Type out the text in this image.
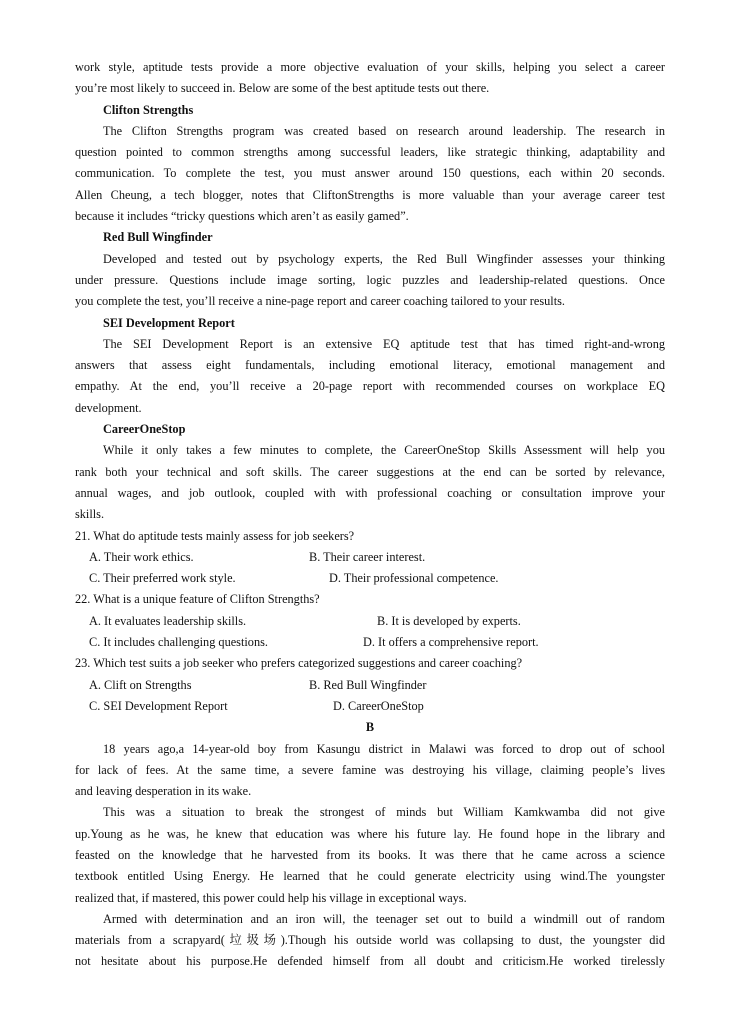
work style, aptitude tests provide a more objective evaluation of your skills, helping you select a career
you’re most likely to succeed in. Below are some of the best aptitude tests out there.
Clifton Strengths
The Clifton Strengths program was created based on research around leadership. The research in
question pointed to common strengths among successful leaders, like strategic thinking, adaptability and
communication. To complete the test, you must answer around 150 questions, each within 20 seconds.
Allen Cheung, a tech blogger, notes that CliftonStrengths is more valuable than your average career test
because it includes “tricky questions which aren’t as easily gamed”.
Red Bull Wingfinder
Developed and tested out by psychology experts, the Red Bull Wingfinder assesses your thinking
under pressure. Questions include image sorting, logic puzzles and leadership-related questions. Once
you complete the test, you’ll receive a nine-page report and career coaching tailored to your results.
SEI Development Report
The SEI Development Report is an extensive EQ aptitude test that has timed right-and-wrong
answers that assess eight fundamentals, including emotional literacy, emotional management and
empathy. At the end, you’ll receive a 20-page report with recommended courses on workplace EQ
development.
CareerOneStop
While it only takes a few minutes to complete, the CareerOneStop Skills Assessment will help you
rank both your technical and soft skills. The career suggestions at the end can be sorted by relevance,
annual wages, and job outlook, coupled with with professional coaching or consultation improve your
skills.
21. What do aptitude tests mainly assess for job seekers?
A. Their work ethics.	B. Their career interest.
C. Their preferred work style.	D. Their professional competence.
22. What is a unique feature of Clifton Strengths?
A. It evaluates leadership skills.	B. It is developed by experts.
C. It includes challenging questions.	D. It offers a comprehensive report.
23. Which test suits a job seeker who prefers categorized suggestions and career coaching?
A. Clift on Strengths	B. Red Bull Wingfinder
C. SEI Development Report	D. CareerOneStop
B
18 years ago,a 14-year-old boy from Kasungu district in Malawi was forced to drop out of school
for lack of fees. At the same time, a severe famine was destroying his village, claiming people’s lives
and leaving desperation in its wake.
This was a situation to break the strongest of minds but William Kamkwamba did not give
up.Young as he was, he knew that education was where his future lay. He found hope in the library and
feasted on the knowledge that he harvested from its books. It was there that he came across a science
textbook entitled Using Energy. He learned that he could generate electricity using wind.The youngster
realized that, if mastered, this power could help his village in exceptional ways.
Armed with determination and an iron will, the teenager set out to build a windmill out of random
materials from a scrapyard(垃圾场).Though his outside world was collapsing to dust, the youngster did
not hesitate about his purpose.He defended himself from all doubt and criticism.He worked tirelessly
